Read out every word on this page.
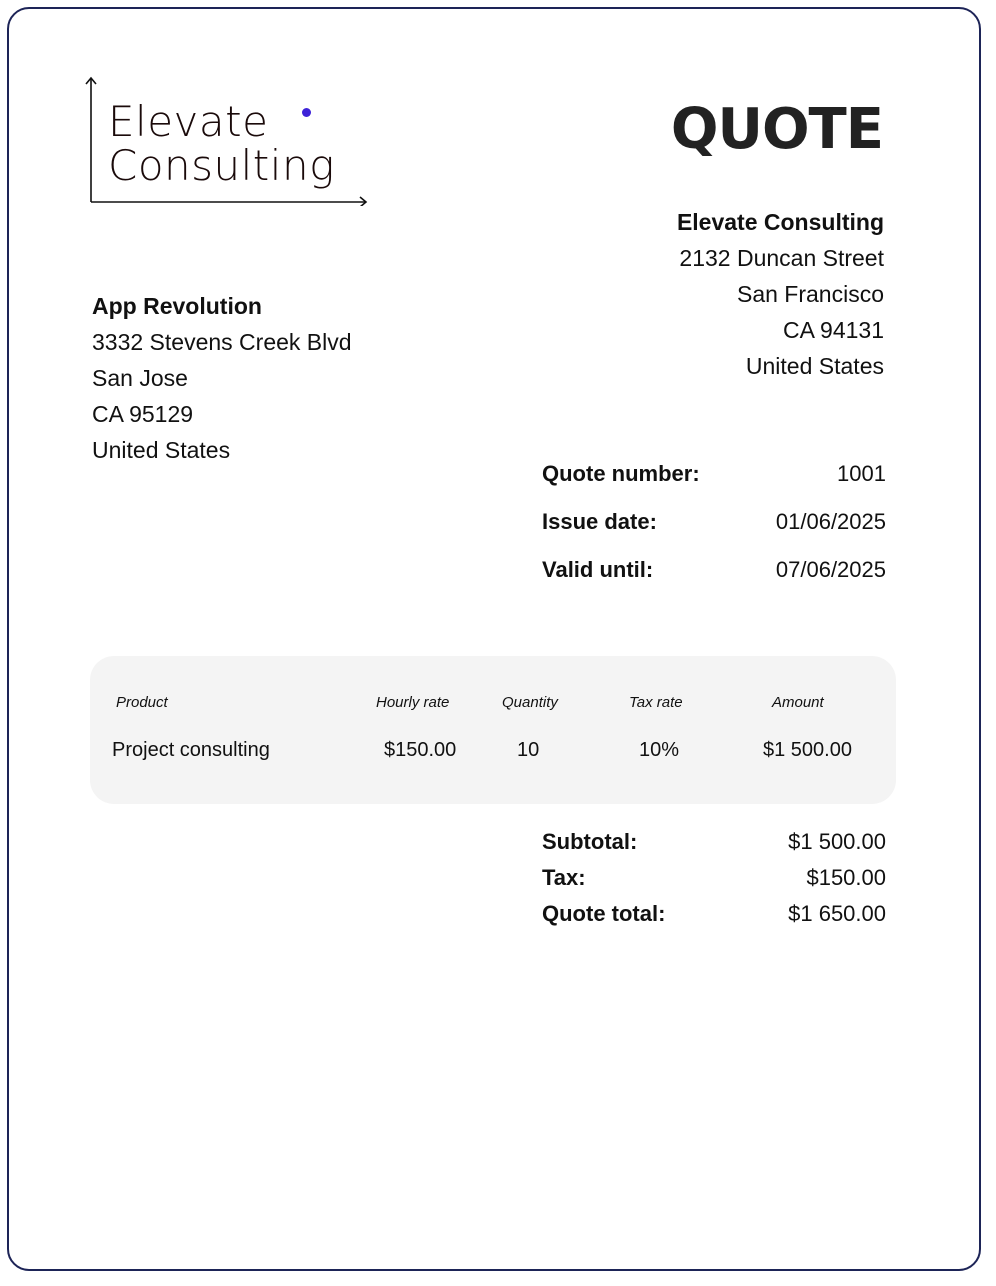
Elevate
Consulting
QUOTE
Elevate Consulting
2132 Duncan Street
San Francisco
CA 94131
United States
App Revolution
3332 Stevens Creek Blvd
San Jose
CA 95129
United States
Quote number:	1001
Issue date:	01/06/2025
Valid until:	07/06/2025
Product	Hourly rate	Quantity	Tax rate	Amount
Project consulting	$150.00	10	10%	$1 500.00
Subtotal:	$1 500.00
Tax:	$150.00
Quote total:	$1 650.00
